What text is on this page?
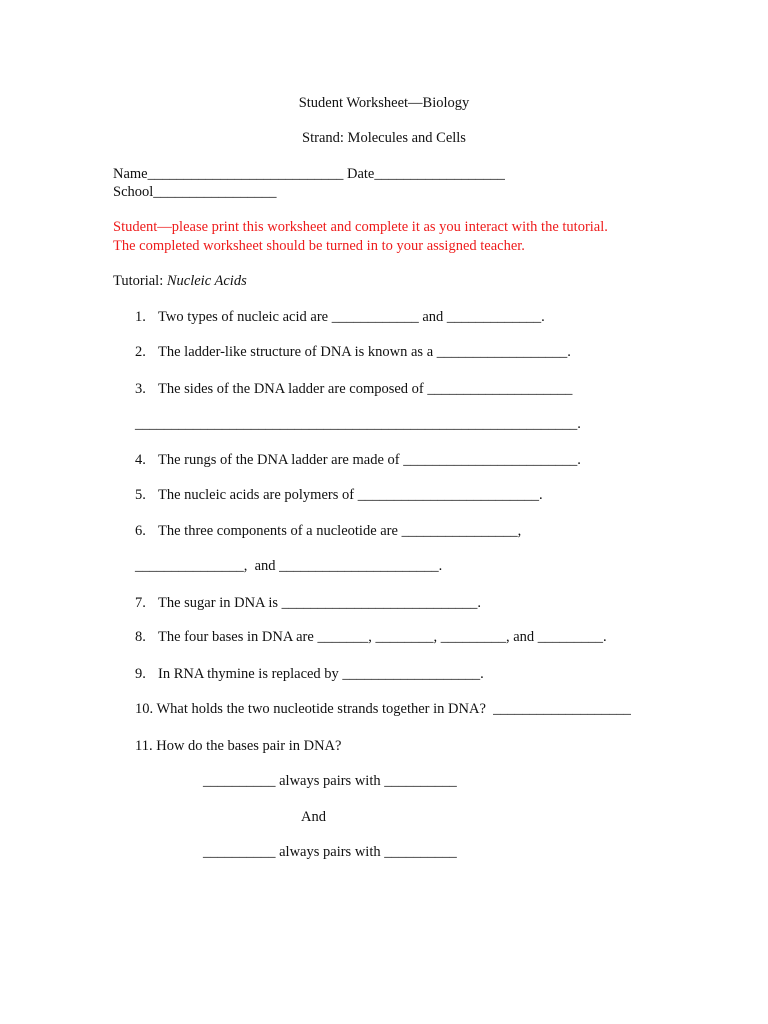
Student Worksheet—Biology
Strand: Molecules and Cells
Name___________________________ Date__________________
School_________________
Student—please print this worksheet and complete it as you interact with the tutorial.
The completed worksheet should be turned in to your assigned teacher.
Tutorial: Nucleic Acids
1. Two types of nucleic acid are ____________ and _____________.
2. The ladder-like structure of DNA is known as a __________________.
3. The sides of the DNA ladder are composed of ____________________
_____________________________________________________________.
4. The rungs of the DNA ladder are made of ________________________.
5. The nucleic acids are polymers of _________________________.
6. The three components of a nucleotide are ________________,
_______________,  and ______________________.
7. The sugar in DNA is ___________________________.
8. The four bases in DNA are _______, ________, _________, and _________.
9. In RNA thymine is replaced by ___________________.
10. What holds the two nucleotide strands together in DNA?  ___________________
11. How do the bases pair in DNA?
__________ always pairs with __________
And
__________ always pairs with __________
